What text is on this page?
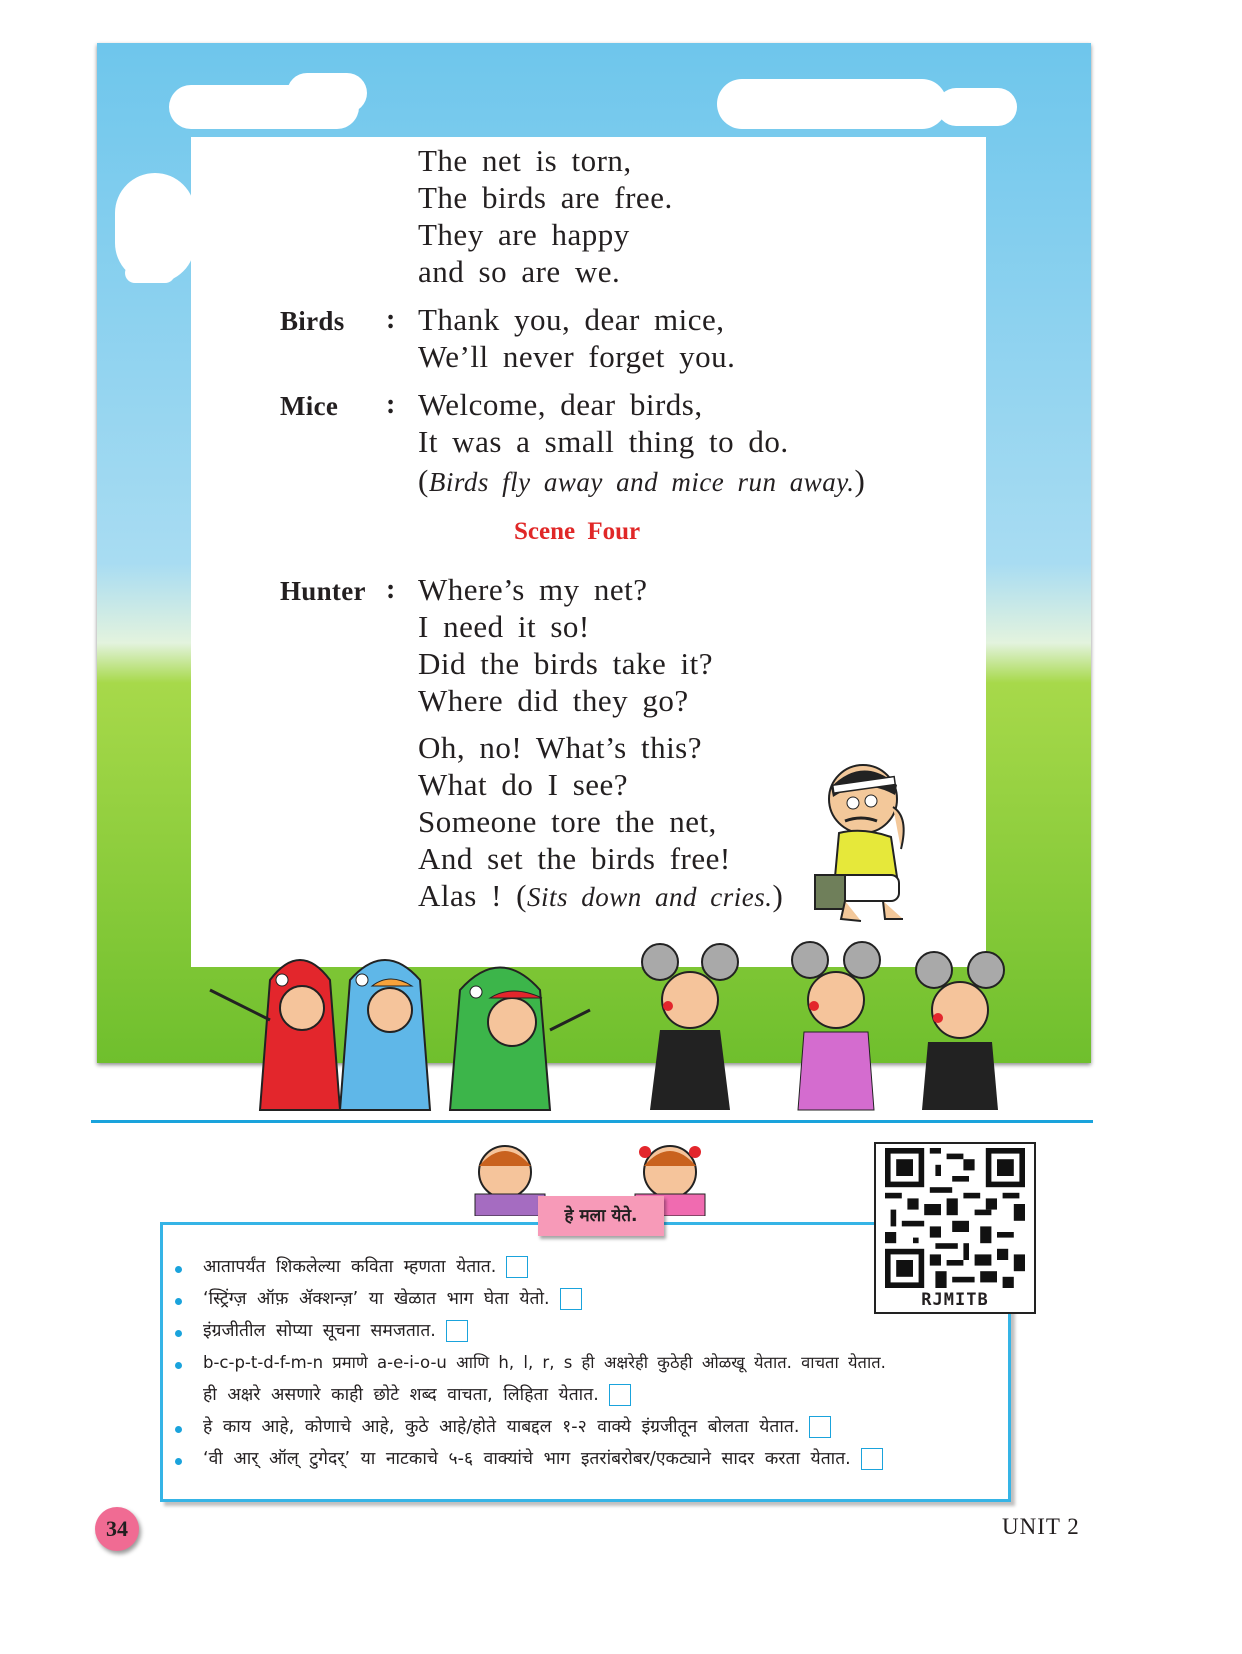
The net is torn,
The birds are free.
They are happy
and so are we.
Birds : Thank you, dear mice,
We’ll never forget you.
Mice : Welcome, dear birds,
It was a small thing to do.
(Birds fly away and mice run away.)
Scene Four
Hunter : Where’s my net?
I need it so!
Did the birds take it?
Where did they go?
Oh, no! What’s this?
What do I see?
Someone tore the net,
And set the birds free!
Alas ! (Sits down and cries.)
हे मला येते.
आतापर्यंत शिकलेल्या कविता म्हणता येतात.
‘स्ट्रिंग्ज़ ऑफ़ ॲक्शन्ज़’ या खेळात भाग घेता येतो.
इंग्रजीतील सोप्या सूचना समजतात.
b-c-p-t-d-f-m-n प्रमाणे a-e-i-o-u आणि h, l, r, s ही अक्षरेही कुठेही ओळखू येतात. वाचता येतात.
ही अक्षरे असणारे काही छोटे शब्द वाचता, लिहिता येतात.
हे काय आहे, कोणाचे आहे, कुठे आहे/होते याबद्दल १-२ वाक्ये इंग्रजीतून बोलता येतात.
‘वी आर् ऑल् टुगेदर्’ या नाटकाचे ५-६ वाक्यांचे भाग इतरांबरोबर/एकट्याने सादर करता येतात.
RJMITB
34	UNIT 2
